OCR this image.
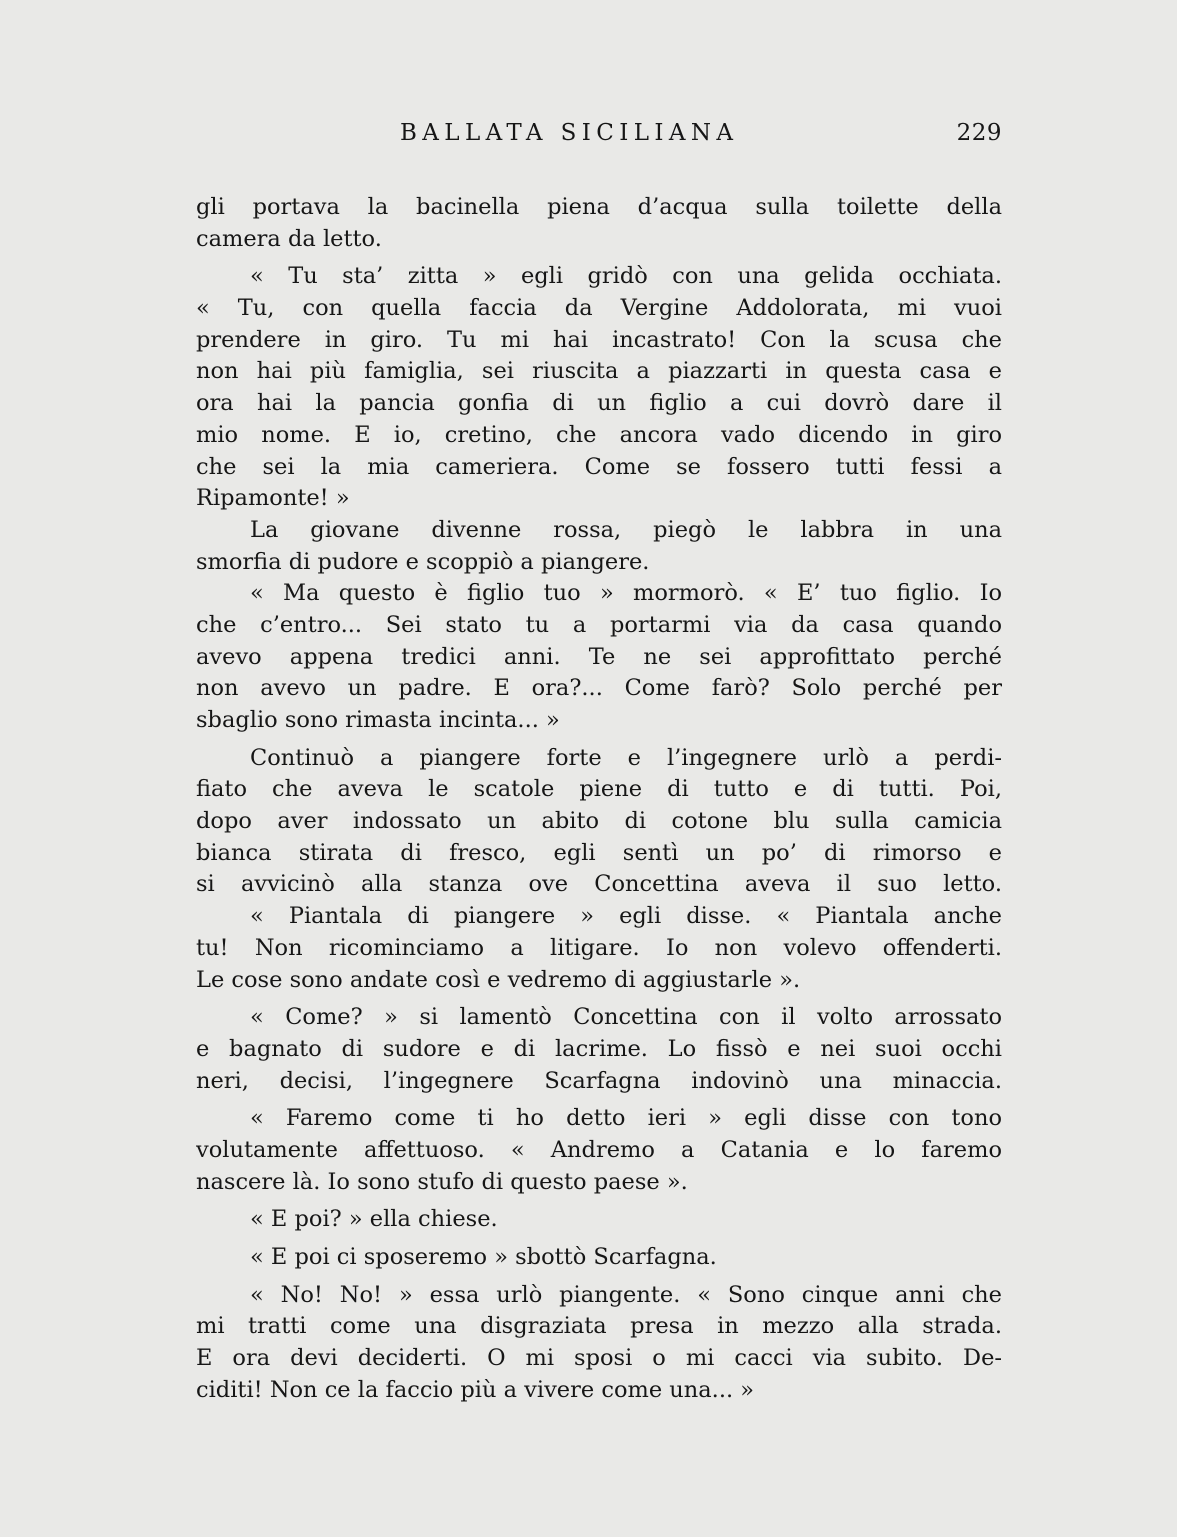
BALLATA SICILIANA	229
gli portava la bacinella piena d’acqua sulla toilette della
camera da letto.
« Tu sta’ zitta » egli gridò con una gelida occhiata.
« Tu, con quella faccia da Vergine Addolorata, mi vuoi
prendere in giro. Tu mi hai incastrato! Con la scusa che
non hai più famiglia, sei riuscita a piazzarti in questa casa e
ora hai la pancia gonfia di un figlio a cui dovrò dare il
mio nome. E io, cretino, che ancora vado dicendo in giro
che sei la mia cameriera. Come se fossero tutti fessi a
Ripamonte! »
La giovane divenne rossa, piegò le labbra in una
smorfia di pudore e scoppiò a piangere.
« Ma questo è figlio tuo » mormorò. « E’ tuo figlio. Io
che c’entro... Sei stato tu a portarmi via da casa quando
avevo appena tredici anni. Te ne sei approfittato perché
non avevo un padre. E ora?... Come farò? Solo perché per
sbaglio sono rimasta incinta... »
Continuò a piangere forte e l’ingegnere urlò a perdi-
fiato che aveva le scatole piene di tutto e di tutti. Poi,
dopo aver indossato un abito di cotone blu sulla camicia
bianca stirata di fresco, egli sentì un po’ di rimorso e
si avvicinò alla stanza ove Concettina aveva il suo letto.
« Piantala di piangere » egli disse. « Piantala anche
tu! Non ricominciamo a litigare. Io non volevo offenderti.
Le cose sono andate così e vedremo di aggiustarle ».
« Come? » si lamentò Concettina con il volto arrossato
e bagnato di sudore e di lacrime. Lo fissò e nei suoi occhi
neri, decisi, l’ingegnere Scarfagna indovinò una minaccia.
« Faremo come ti ho detto ieri » egli disse con tono
volutamente affettuoso. « Andremo a Catania e lo faremo
nascere là. Io sono stufo di questo paese ».
« E poi? » ella chiese.
« E poi ci sposeremo » sbottò Scarfagna.
« No! No! » essa urlò piangente. « Sono cinque anni che
mi tratti come una disgraziata presa in mezzo alla strada.
E ora devi deciderti. O mi sposi o mi cacci via subito. De-
ciditi! Non ce la faccio più a vivere come una... »
